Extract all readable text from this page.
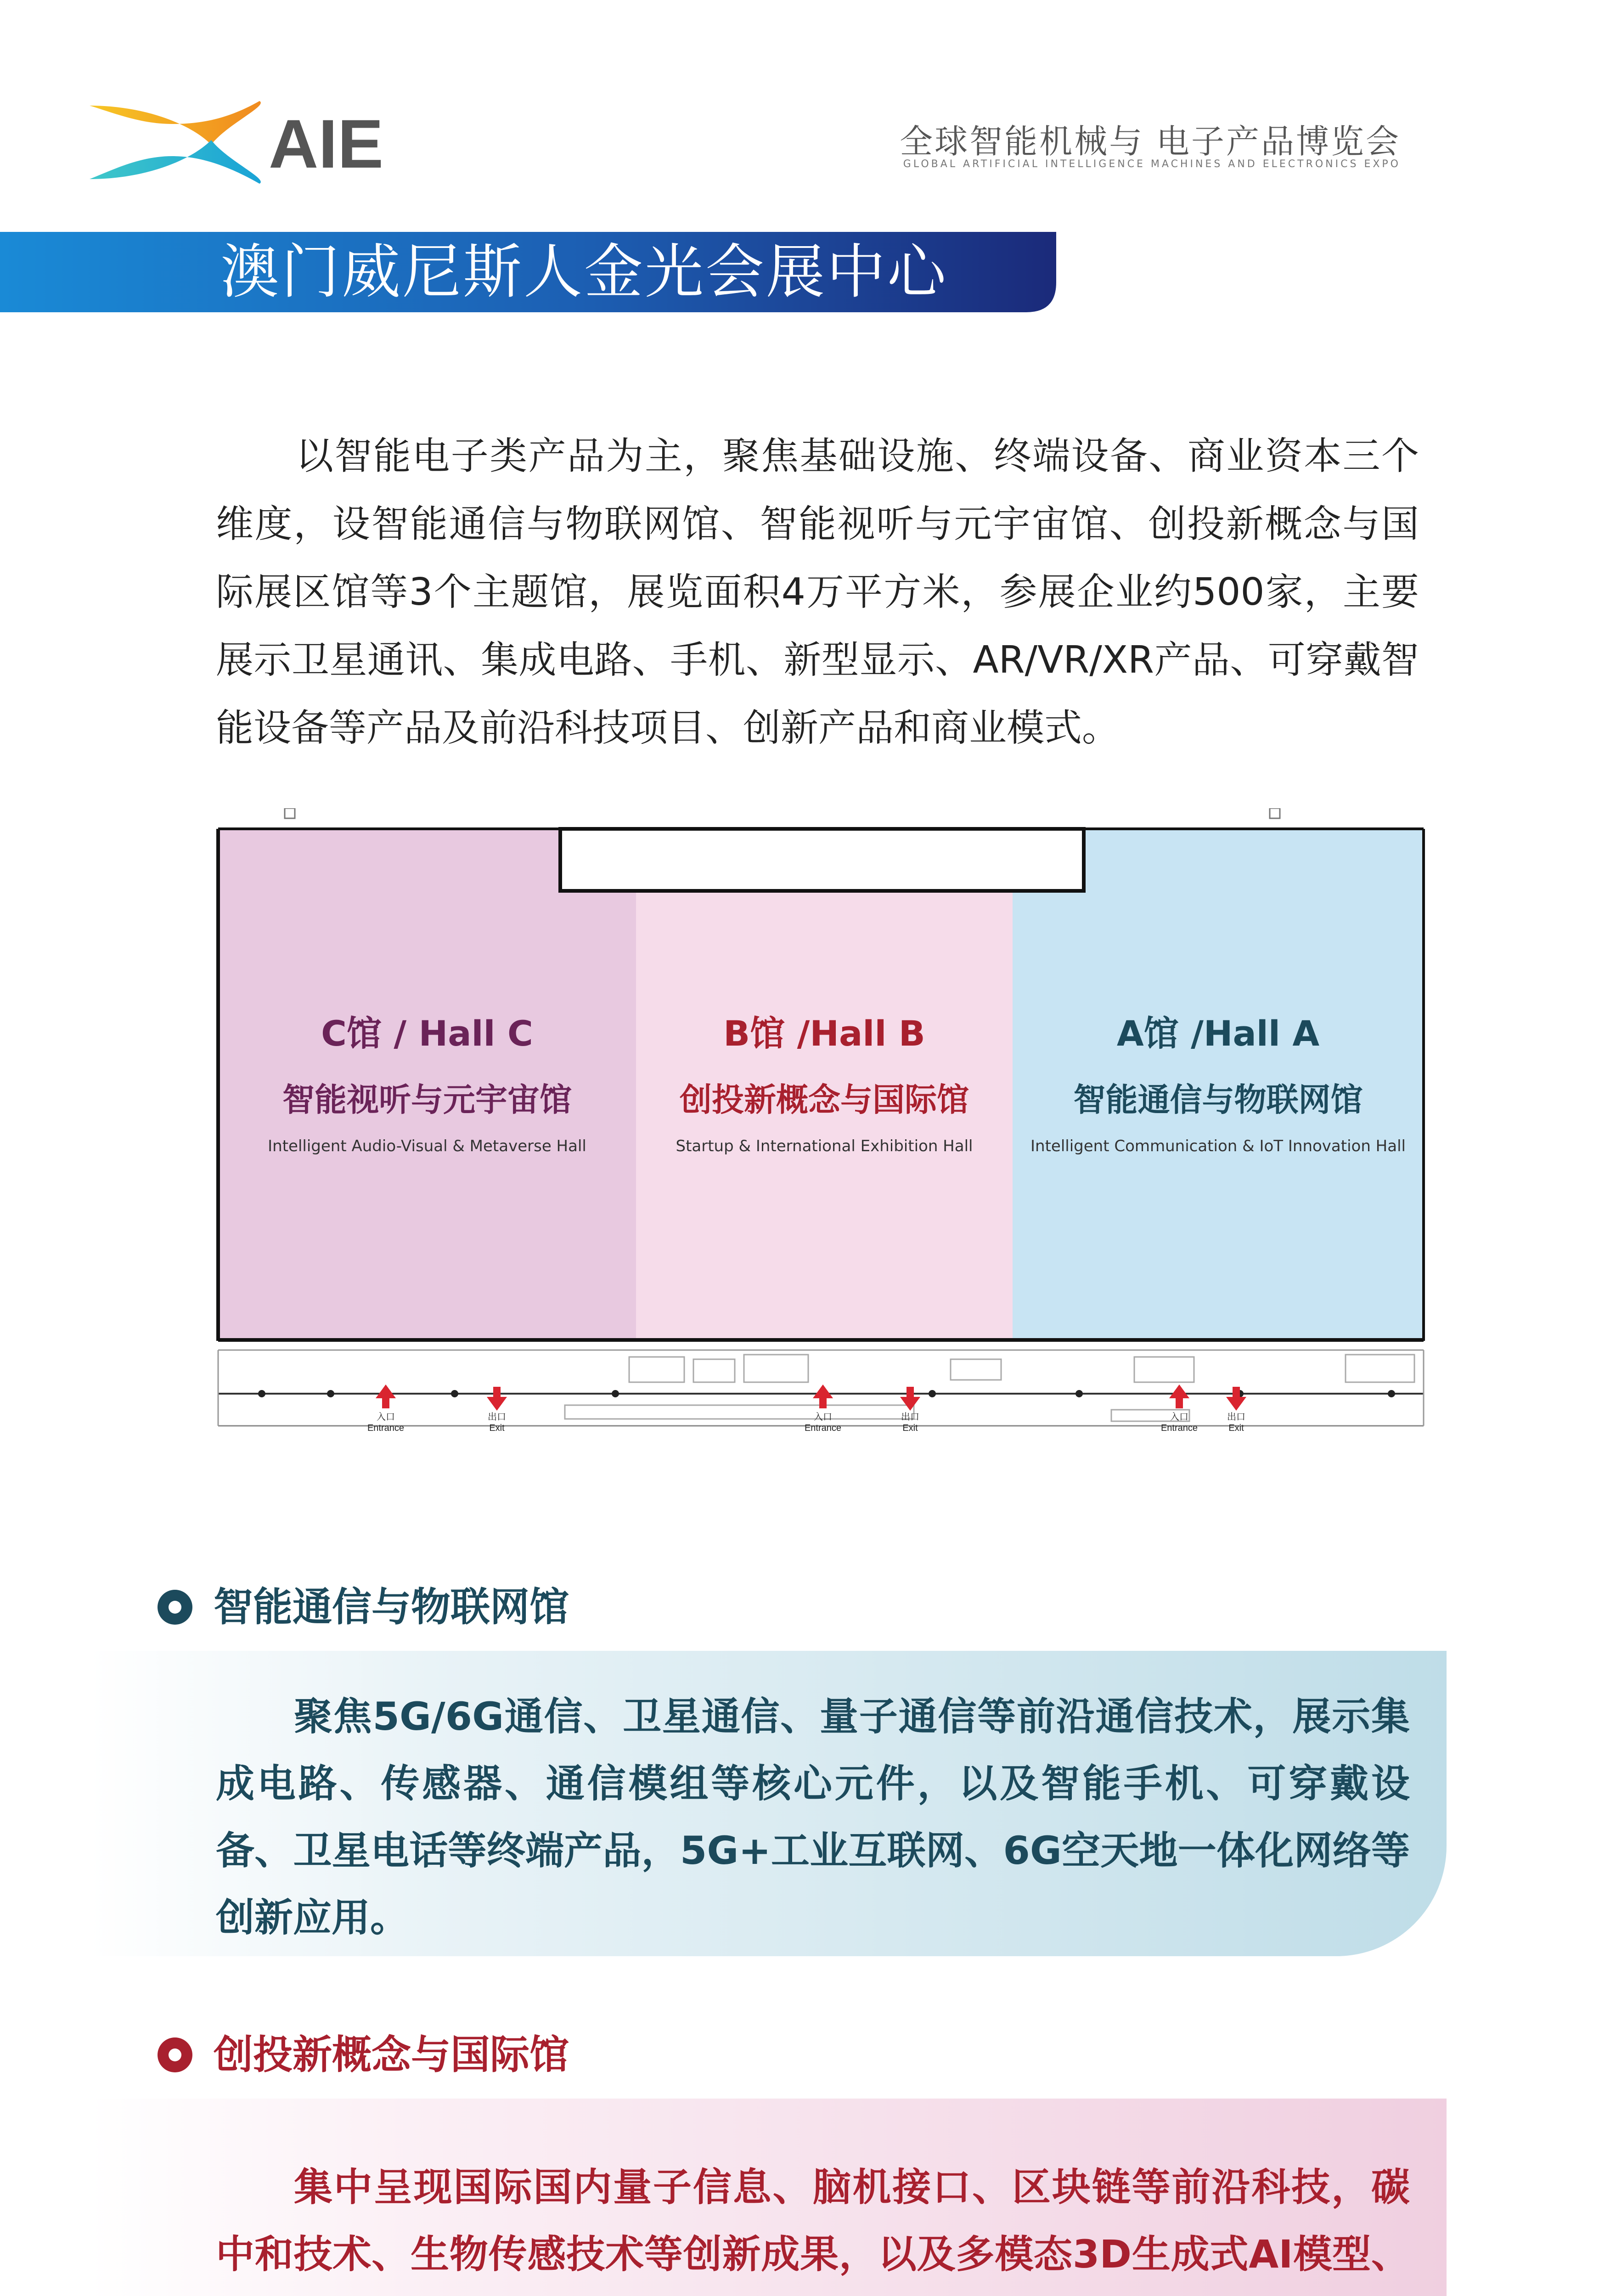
AIE	全球智能机械与 电子产品博览会
GLOBAL ARTIFICIAL INTELLIGENCE MACHINES AND ELECTRONICS EXPO
澳门威尼斯人金光会展中心
以智能电子类产品为主，聚焦基础设施、终端设备、商业资本三个维度，设智能通信与物联网馆、智能视听与元宇宙馆、创投新概念与国际展区馆等3个主题馆，展览面积4万平方米，参展企业约500家，主要展示卫星通讯、集成电路、手机、新型显示、AR/VR/XR产品、可穿戴智能设备等产品及前沿科技项目、创新产品和商业模式。
入口
Entrance
出口
Exit
入口
Entrance
出口
Exit
入口
Entrance
出口
Exit
C馆 / Hall C
智能视听与元宇宙馆
Intelligent Audio-Visual & Metaverse Hall
B馆 /Hall B
创投新概念与国际馆
Startup & International Exhibition Hall
A馆 /Hall A
智能通信与物联网馆
Intelligent Communication & IoT Innovation Hall
智能通信与物联网馆
聚焦5G/6G通信、卫星通信、量子通信等前沿通信技术，展示集成电路、传感器、通信模组等核心元件，以及智能手机、可穿戴设备、卫星电话等终端产品，5G+工业互联网、6G空天地一体化网络等创新应用。
创投新概念与国际馆
集中呈现国际国内量子信息、脑机接口、区块链等前沿科技，碳中和技术、生物传感技术等创新成果，以及多模态3D生成式AI模型、
